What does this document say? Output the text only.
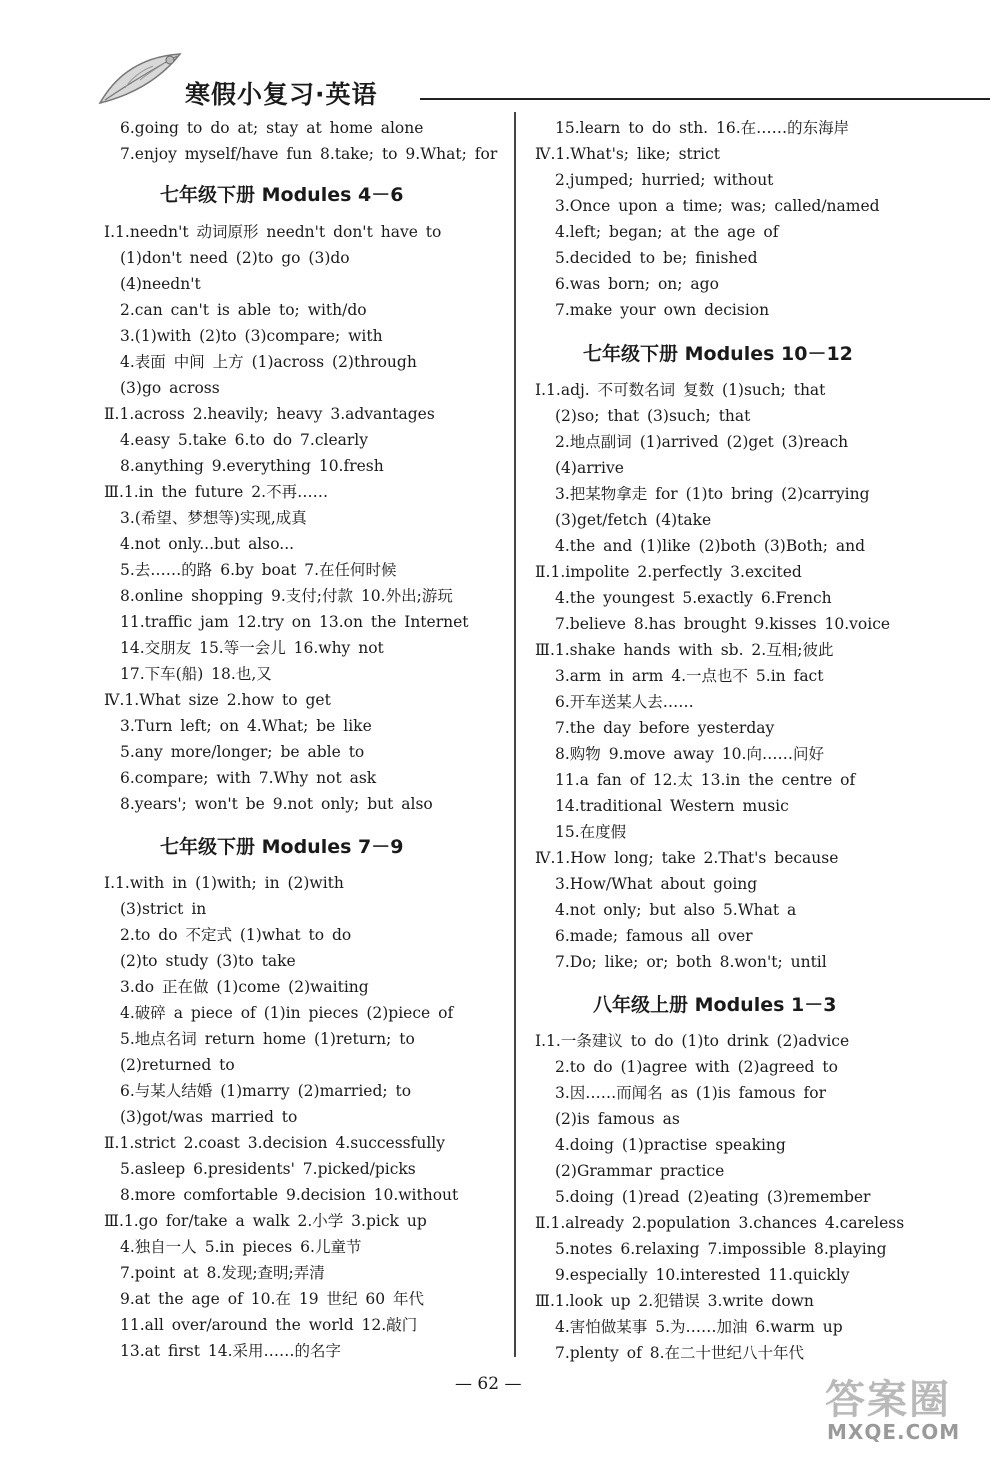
寒假小复习·英语
6.going to do at; stay at home alone
7.enjoy myself/have fun 8.take; to 9.What; for
七年级下册 Modules 4－6
Ⅰ.1.needn't 动词原形 needn't don't have to
(1)don't need (2)to go (3)do
(4)needn't
2.can can't is able to; with/do
3.(1)with (2)to (3)compare; with
4.表面 中间 上方 (1)across (2)through
(3)go across
Ⅱ.1.across 2.heavily; heavy 3.advantages
4.easy 5.take 6.to do 7.clearly
8.anything 9.everything 10.fresh
Ⅲ.1.in the future 2.不再……
3.(希望、梦想等)实现,成真
4.not only...but also...
5.去……的路 6.by boat 7.在任何时候
8.online shopping 9.支付;付款 10.外出;游玩
11.traffic jam 12.try on 13.on the Internet
14.交朋友 15.等一会儿 16.why not
17.下车(船) 18.也,又
Ⅳ.1.What size 2.how to get
3.Turn left; on 4.What; be like
5.any more/longer; be able to
6.compare; with 7.Why not ask
8.years'; won't be 9.not only; but also
七年级下册 Modules 7－9
Ⅰ.1.with in (1)with; in (2)with
(3)strict in
2.to do 不定式 (1)what to do
(2)to study (3)to take
3.do 正在做 (1)come (2)waiting
4.破碎 a piece of (1)in pieces (2)piece of
5.地点名词 return home (1)return; to
(2)returned to
6.与某人结婚 (1)marry (2)married; to
(3)got/was married to
Ⅱ.1.strict 2.coast 3.decision 4.successfully
5.asleep 6.presidents' 7.picked/picks
8.more comfortable 9.decision 10.without
Ⅲ.1.go for/take a walk 2.小学 3.pick up
4.独自一人 5.in pieces 6.儿童节
7.point at 8.发现;查明;弄清
9.at the age of 10.在 19 世纪 60 年代
11.all over/around the world 12.敲门
13.at first 14.采用……的名字
15.learn to do sth. 16.在……的东海岸
Ⅳ.1.What's; like; strict
2.jumped; hurried; without
3.Once upon a time; was; called/named
4.left; began; at the age of
5.decided to be; finished
6.was born; on; ago
7.make your own decision
七年级下册 Modules 10－12
Ⅰ.1.adj. 不可数名词 复数 (1)such; that
(2)so; that (3)such; that
2.地点副词 (1)arrived (2)get (3)reach
(4)arrive
3.把某物拿走 for (1)to bring (2)carrying
(3)get/fetch (4)take
4.the and (1)like (2)both (3)Both; and
Ⅱ.1.impolite 2.perfectly 3.excited
4.the youngest 5.exactly 6.French
7.believe 8.has brought 9.kisses 10.voice
Ⅲ.1.shake hands with sb. 2.互相;彼此
3.arm in arm 4.一点也不 5.in fact
6.开车送某人去……
7.the day before yesterday
8.购物 9.move away 10.向……问好
11.a fan of 12.太 13.in the centre of
14.traditional Western music
15.在度假
Ⅳ.1.How long; take 2.That's because
3.How/What about going
4.not only; but also 5.What a
6.made; famous all over
7.Do; like; or; both 8.won't; until
八年级上册 Modules 1－3
Ⅰ.1.一条建议 to do (1)to drink (2)advice
2.to do (1)agree with (2)agreed to
3.因……而闻名 as (1)is famous for
(2)is famous as
4.doing (1)practise speaking
(2)Grammar practice
5.doing (1)read (2)eating (3)remember
Ⅱ.1.already 2.population 3.chances 4.careless
5.notes 6.relaxing 7.impossible 8.playing
9.especially 10.interested 11.quickly
Ⅲ.1.look up 2.犯错误 3.write down
4.害怕做某事 5.为……加油 6.warm up
7.plenty of 8.在二十世纪八十年代
— 62 —	答案圈
MXQE.COM
